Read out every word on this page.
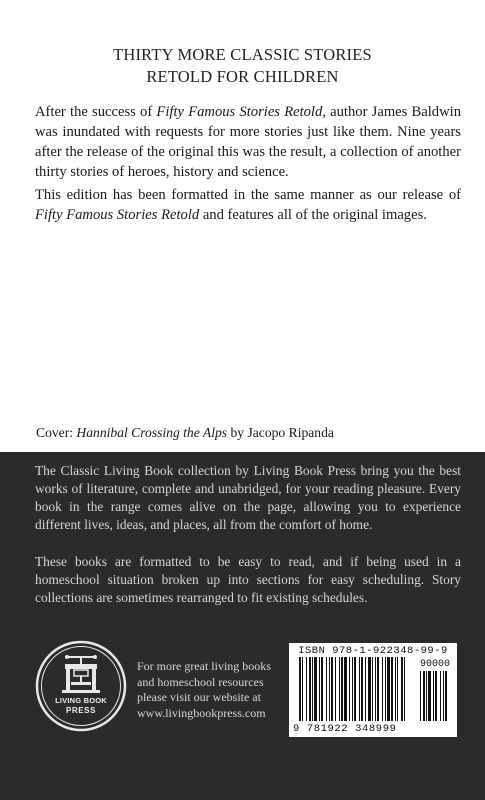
THIRTY MORE CLASSIC STORIES
RETOLD FOR CHILDREN
After the success of Fifty Famous Stories Retold, author James Baldwin was inundated with requests for more stories just like them. Nine years after the release of the original this was the result, a collection of another thirty stories of heroes, history and science.
This edition has been formatted in the same manner as our release of Fifty Famous Stories Retold and features all of the original images.
Cover: Hannibal Crossing the Alps by Jacopo Ripanda
The Classic Living Book collection by Living Book Press bring you the best works of literature, complete and unabridged, for your reading pleasure. Every book in the range comes alive on the page, allowing you to experience different lives, ideas, and places, all from the comfort of home.
These books are formatted to be easy to read, and if being used in a homeschool situation broken up into sections for easy scheduling. Story collections are sometimes rearranged to fit existing schedules.
LIVING BOOK
PRESS
For more great living books
and homeschool resources
please visit our website at
www.livingbookpress.com
ISBN 978-1-922348-99-9
90000
9 781922 348999
